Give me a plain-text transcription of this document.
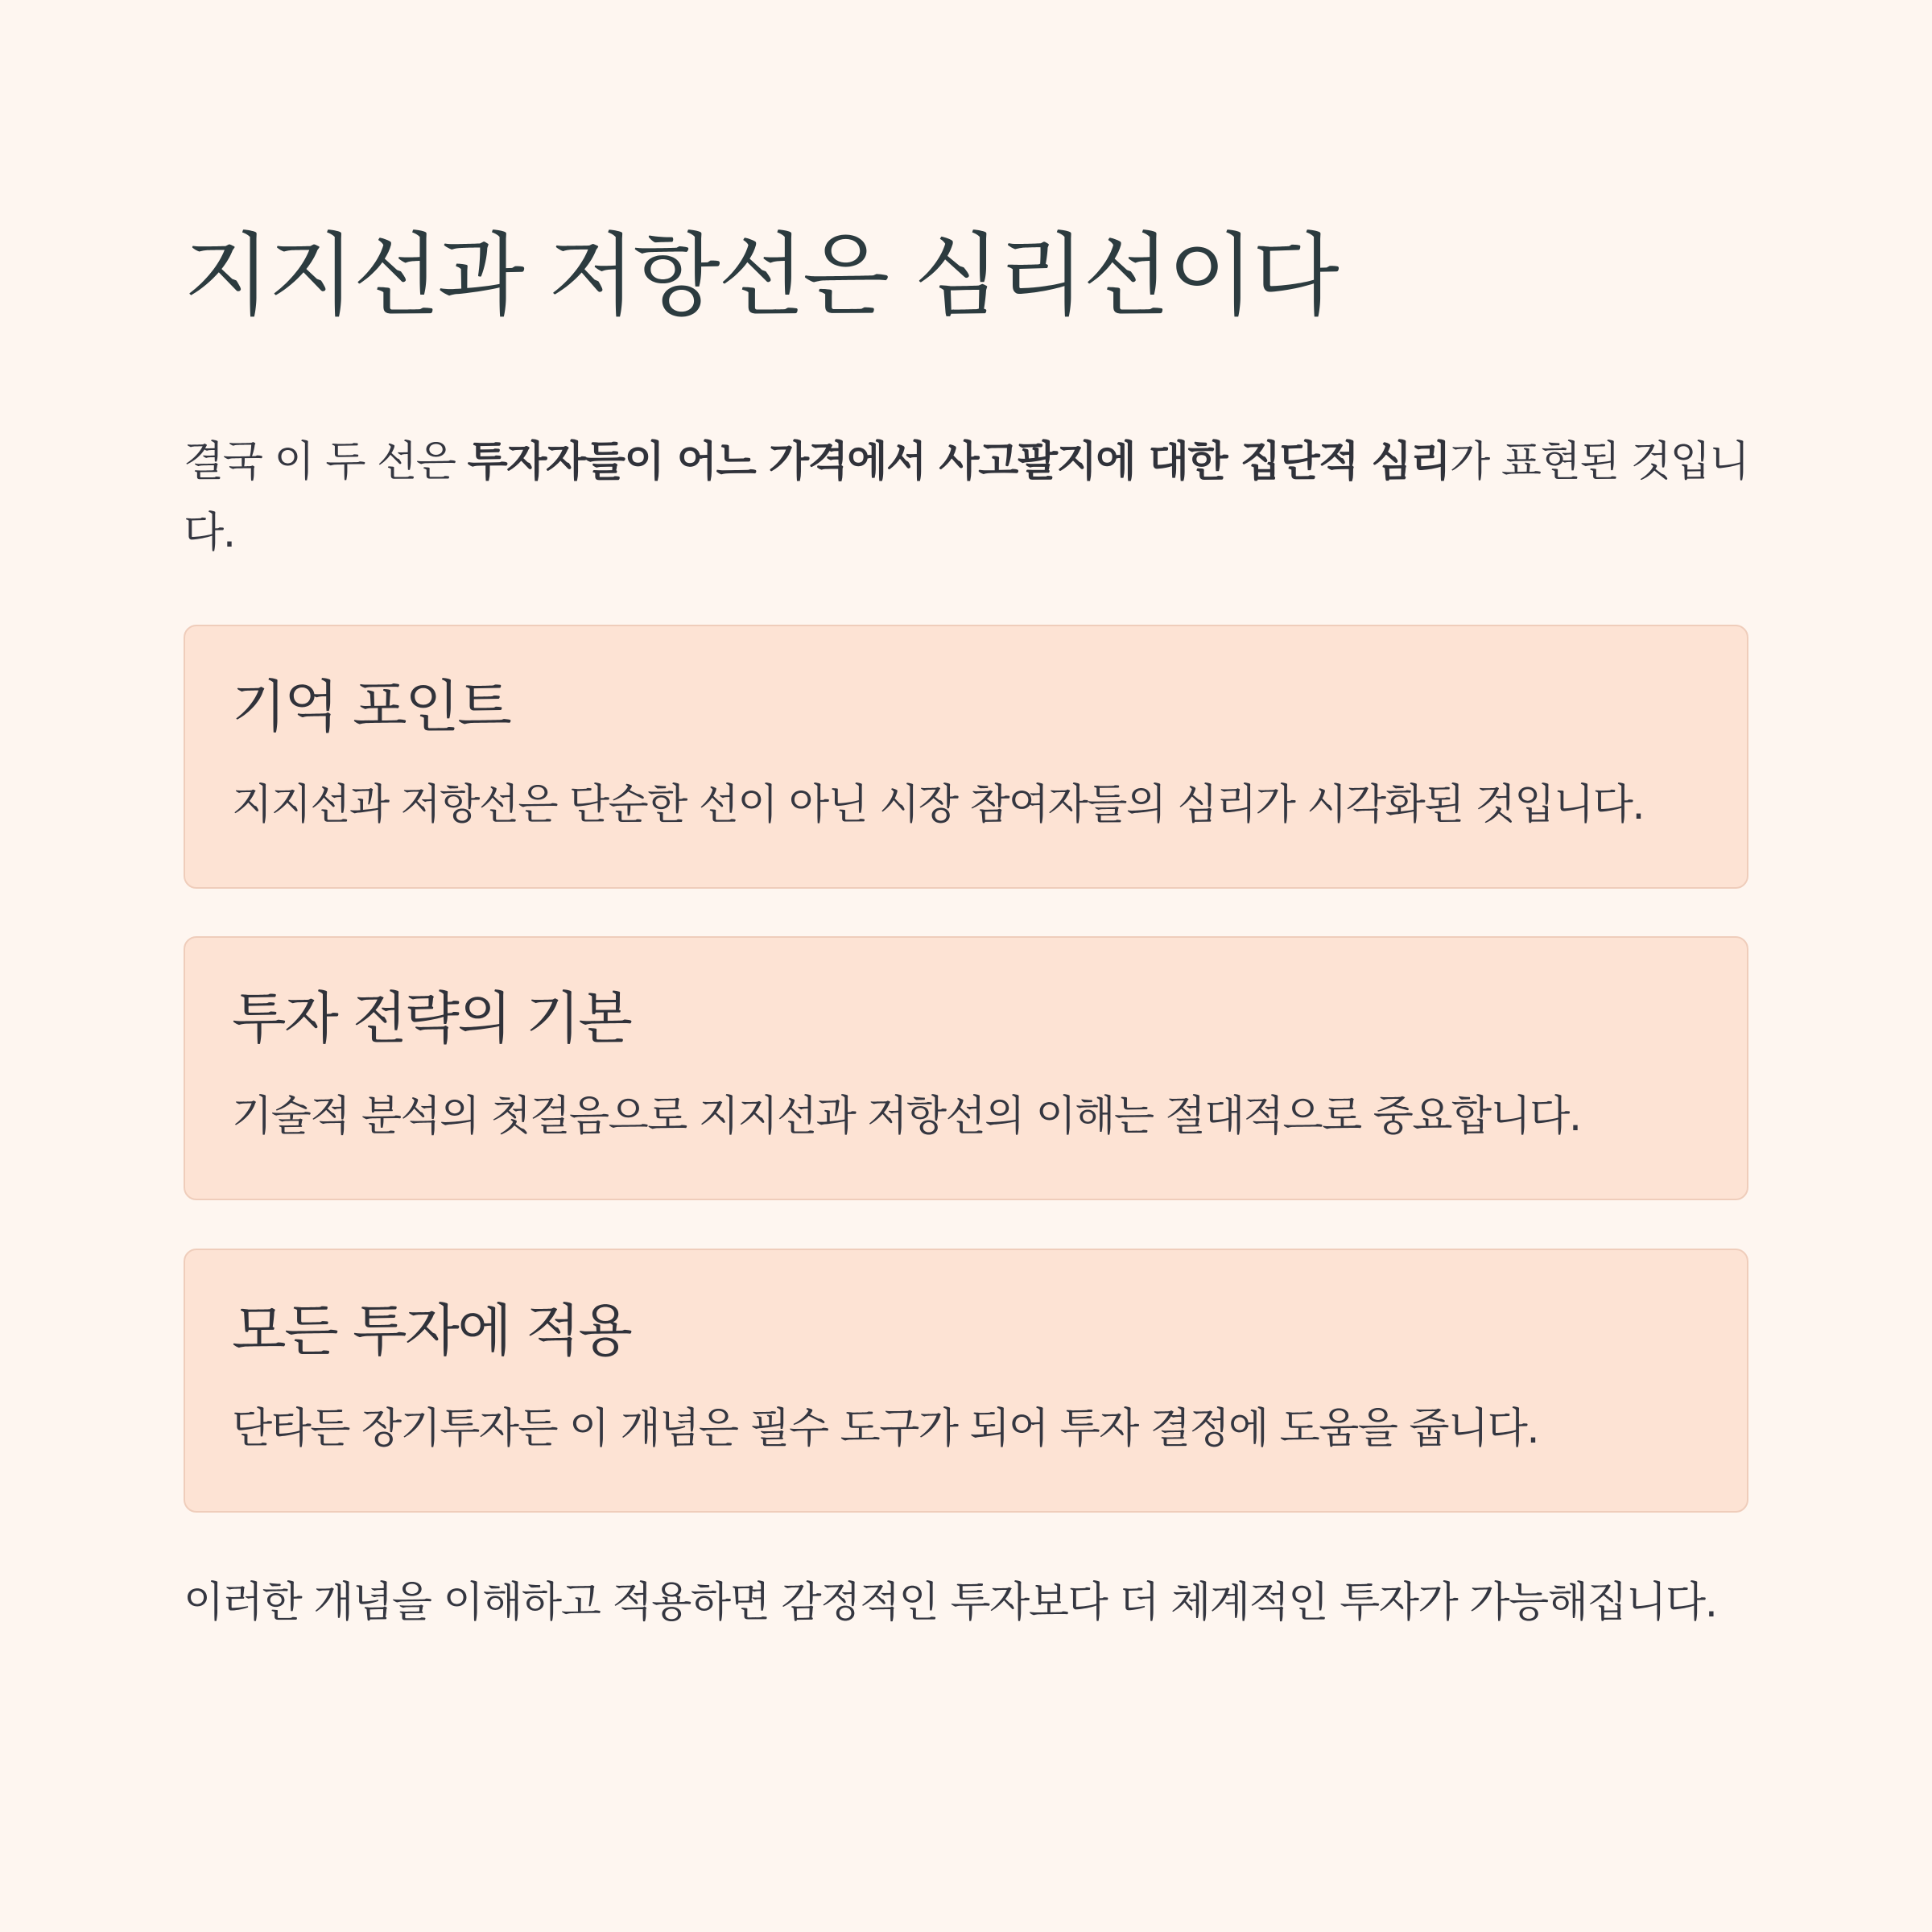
지지선과 저항선은 심리선이다

결국 이 두 선은 투자자들이 어느 가격에서 사고팔지에 대한 집단적 심리가 표현된 것입니다.

기억 포인트

지지선과 저항선은 단순한 선이 아닌 시장 참여자들의 심리가 시각화된 것입니다.

투자 전략의 기본

기술적 분석의 첫걸음으로 지지선과 저항선의 이해는 절대적으로 중요합니다.

모든 투자에 적용

단타든 장기투자든 이 개념은 필수 도구가 되어 투자 결정에 도움을 줍니다.

이러한 개념을 이해하고 적용하면 감정적인 투자보다 더 체계적인 투자가 가능해집니다.
